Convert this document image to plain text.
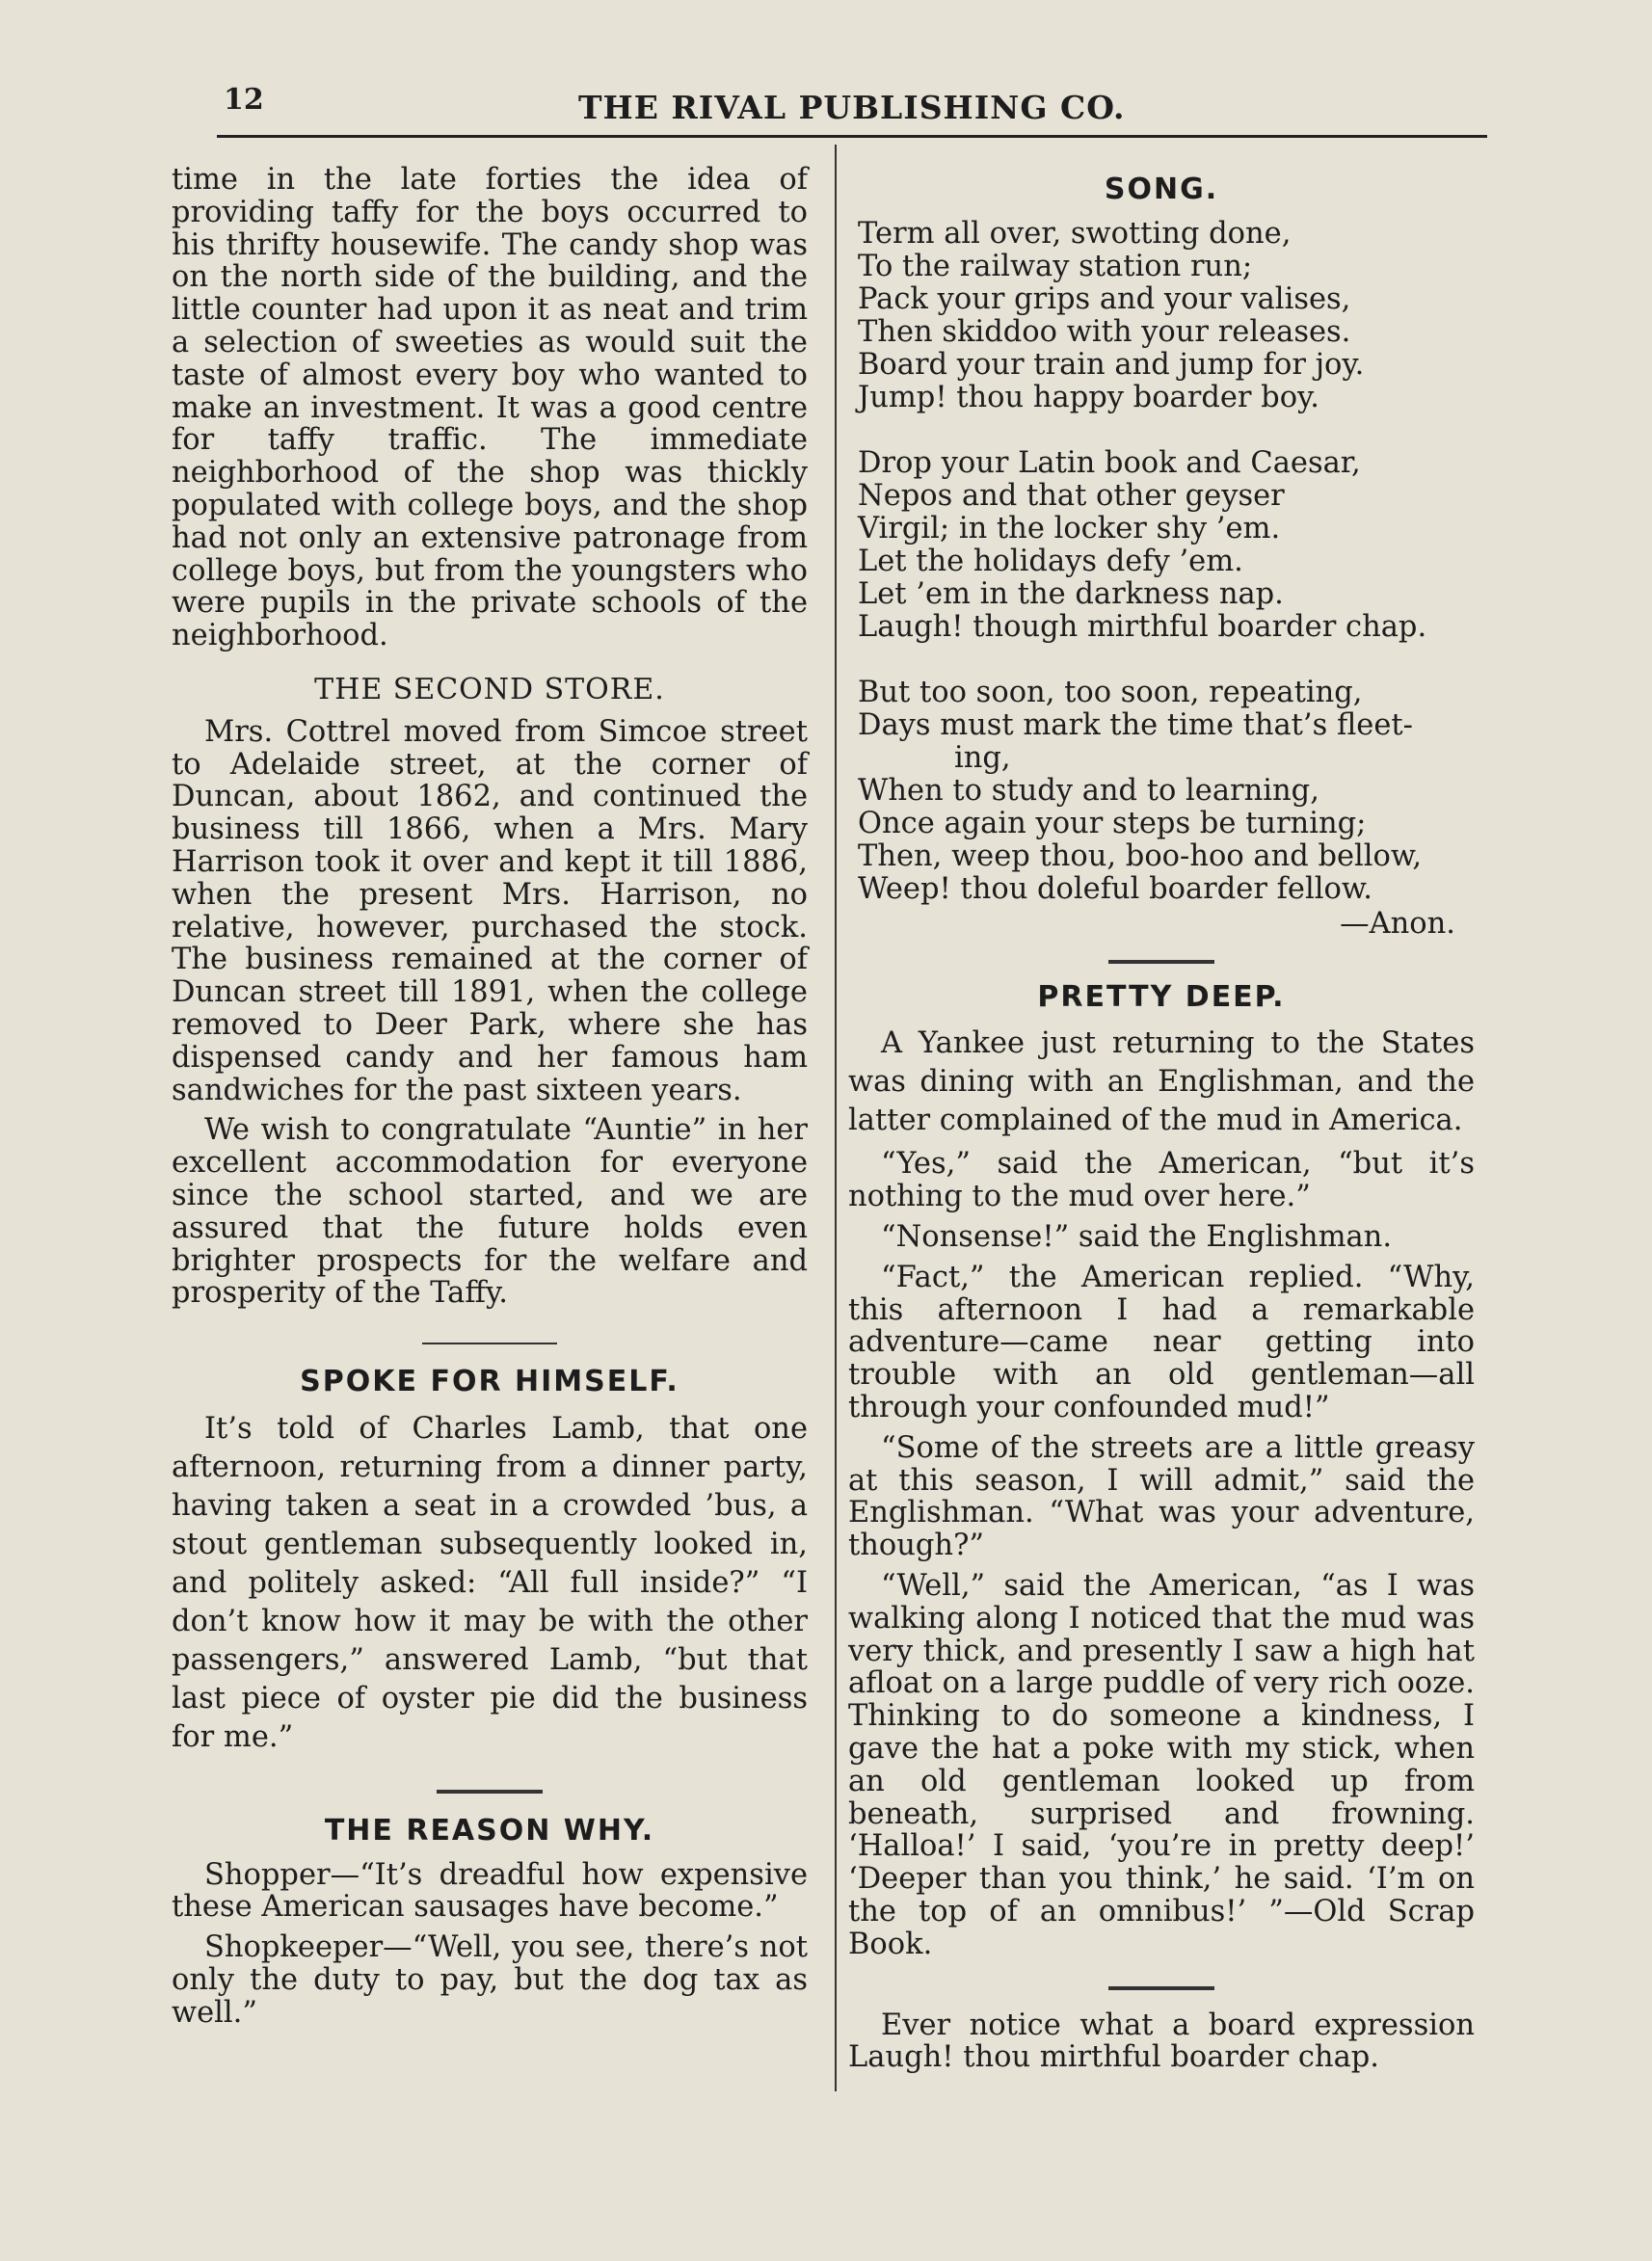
12	THE RIVAL PUBLISHING CO.

time in the late forties the idea of providing taffy for the boys occurred to his thrifty housewife. The candy shop was on the north side of the building, and the little counter had upon it as neat and trim a selection of sweeties as would suit the taste of almost every boy who wanted to make an investment. It was a good centre for taffy traffic. The immediate neighborhood of the shop was thickly populated with college boys, and the shop had not only an extensive patronage from college boys, but from the youngsters who were pupils in the private schools of the neighborhood.

THE SECOND STORE.

Mrs. Cottrel moved from Simcoe street to Adelaide street, at the corner of Duncan, about 1862, and continued the business till 1866, when a Mrs. Mary Harrison took it over and kept it till 1886, when the present Mrs. Harrison, no relative, however, purchased the stock. The business remained at the corner of Duncan street till 1891, when the college removed to Deer Park, where she has dispensed candy and her famous ham sandwiches for the past sixteen years.

We wish to congratulate “Auntie” in her excellent accommodation for everyone since the school started, and we are assured that the future holds even brighter prospects for the welfare and prosperity of the Taffy.

SPOKE FOR HIMSELF.

It’s told of Charles Lamb, that one afternoon, returning from a dinner party, having taken a seat in a crowded ’bus, a stout gentleman subsequently looked in, and politely asked: “All full inside?” “I don’t know how it may be with the other passengers,” answered Lamb, “but that last piece of oyster pie did the business for me.”

THE REASON WHY.

Shopper—“It’s dreadful how expensive these American sausages have become.”

Shopkeeper—“Well, you see, there’s not only the duty to pay, but the dog tax as well.”

SONG.
Term all over, swotting done,
To the railway station run;
Pack your grips and your valises,
Then skiddoo with your releases.
Board your train and jump for joy.
Jump! thou happy boarder boy.
Drop your Latin book and Caesar,
Nepos and that other geyser
Virgil; in the locker shy ’em.
Let the holidays defy ’em.
Let ’em in the darkness nap.
Laugh! though mirthful boarder chap.
But too soon, too soon, repeating,
Days must mark the time that’s fleet-
ing,
When to study and to learning,
Once again your steps be turning;
Then, weep thou, boo-hoo and bellow,
Weep! thou doleful boarder fellow.
—Anon.
PRETTY DEEP.

A Yankee just returning to the States was dining with an Englishman, and the latter complained of the mud in America.

“Yes,” said the American, “but it’s nothing to the mud over here.”

“Nonsense!” said the Englishman.

“Fact,” the American replied. “Why, this afternoon I had a remarkable adventure—came near getting into trouble with an old gentleman—all through your confounded mud!”

“Some of the streets are a little greasy at this season, I will admit,” said the Englishman. “What was your adventure, though?”

“Well,” said the American, “as I was walking along I noticed that the mud was very thick, and presently I saw a high hat afloat on a large puddle of very rich ooze. Thinking to do someone a kindness, I gave the hat a poke with my stick, when an old gentleman looked up from beneath, surprised and frowning. ‘Halloa!’ I said, ‘you’re in pretty deep!’ ‘Deeper than you think,’ he said. ‘I’m on the top of an omnibus!’ ”—Old Scrap Book.

Ever notice what a board expression Laugh! thou mirthful boarder chap.
